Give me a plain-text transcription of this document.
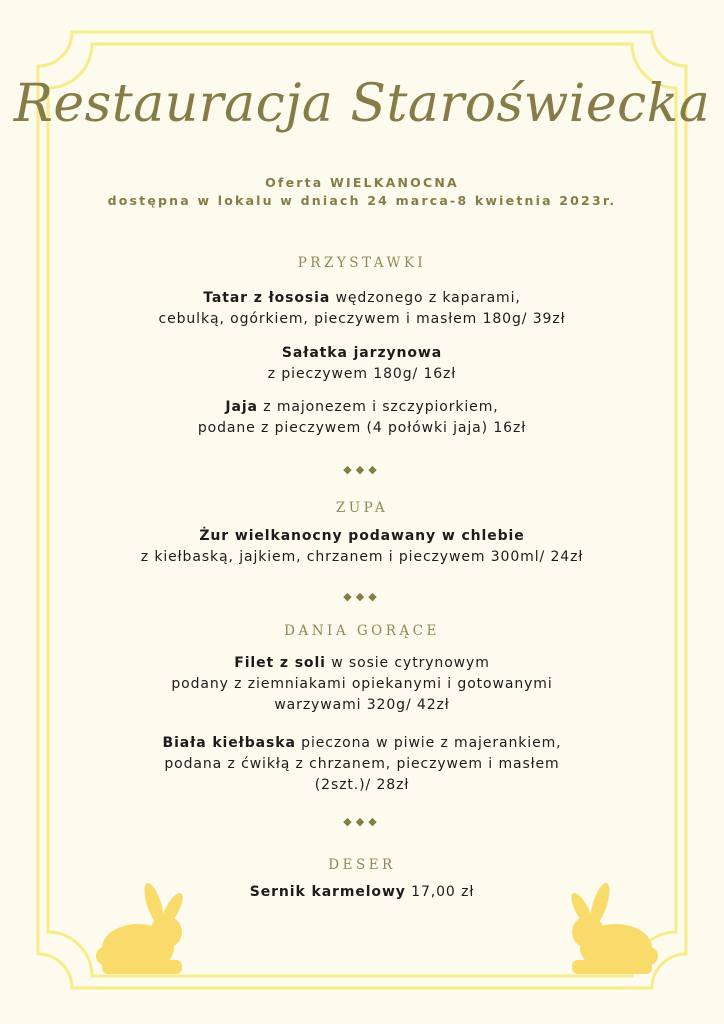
Restauracja Staroświecka
Oferta WIELKANOCNA
dostępna w lokalu w dniach 24 marca-8 kwietnia 2023r.
PRZYSTAWKI
Tatar z łososia wędzonego z kaparami,
cebulką, ogórkiem, pieczywem i masłem 180g/ 39zł
Sałatka jarzynowa
z pieczywem 180g/ 16zł
Jaja z majonezem i szczypiorkiem,
podane z pieczywem (4 połówki jaja) 16zł
◆◆◆
ZUPA
Żur wielkanocny podawany w chlebie
z kiełbaską, jajkiem, chrzanem i pieczywem 300ml/ 24zł
◆◆◆
DANIA GORĄCE
Filet z soli w sosie cytrynowym
podany z ziemniakami opiekanymi i gotowanymi
warzywami 320g/ 42zł
Biała kiełbaska pieczona w piwie z majerankiem,
podana z ćwikłą z chrzanem, pieczywem i masłem
(2szt.)/ 28zł
◆◆◆
DESER
Sernik karmelowy 17,00 zł
